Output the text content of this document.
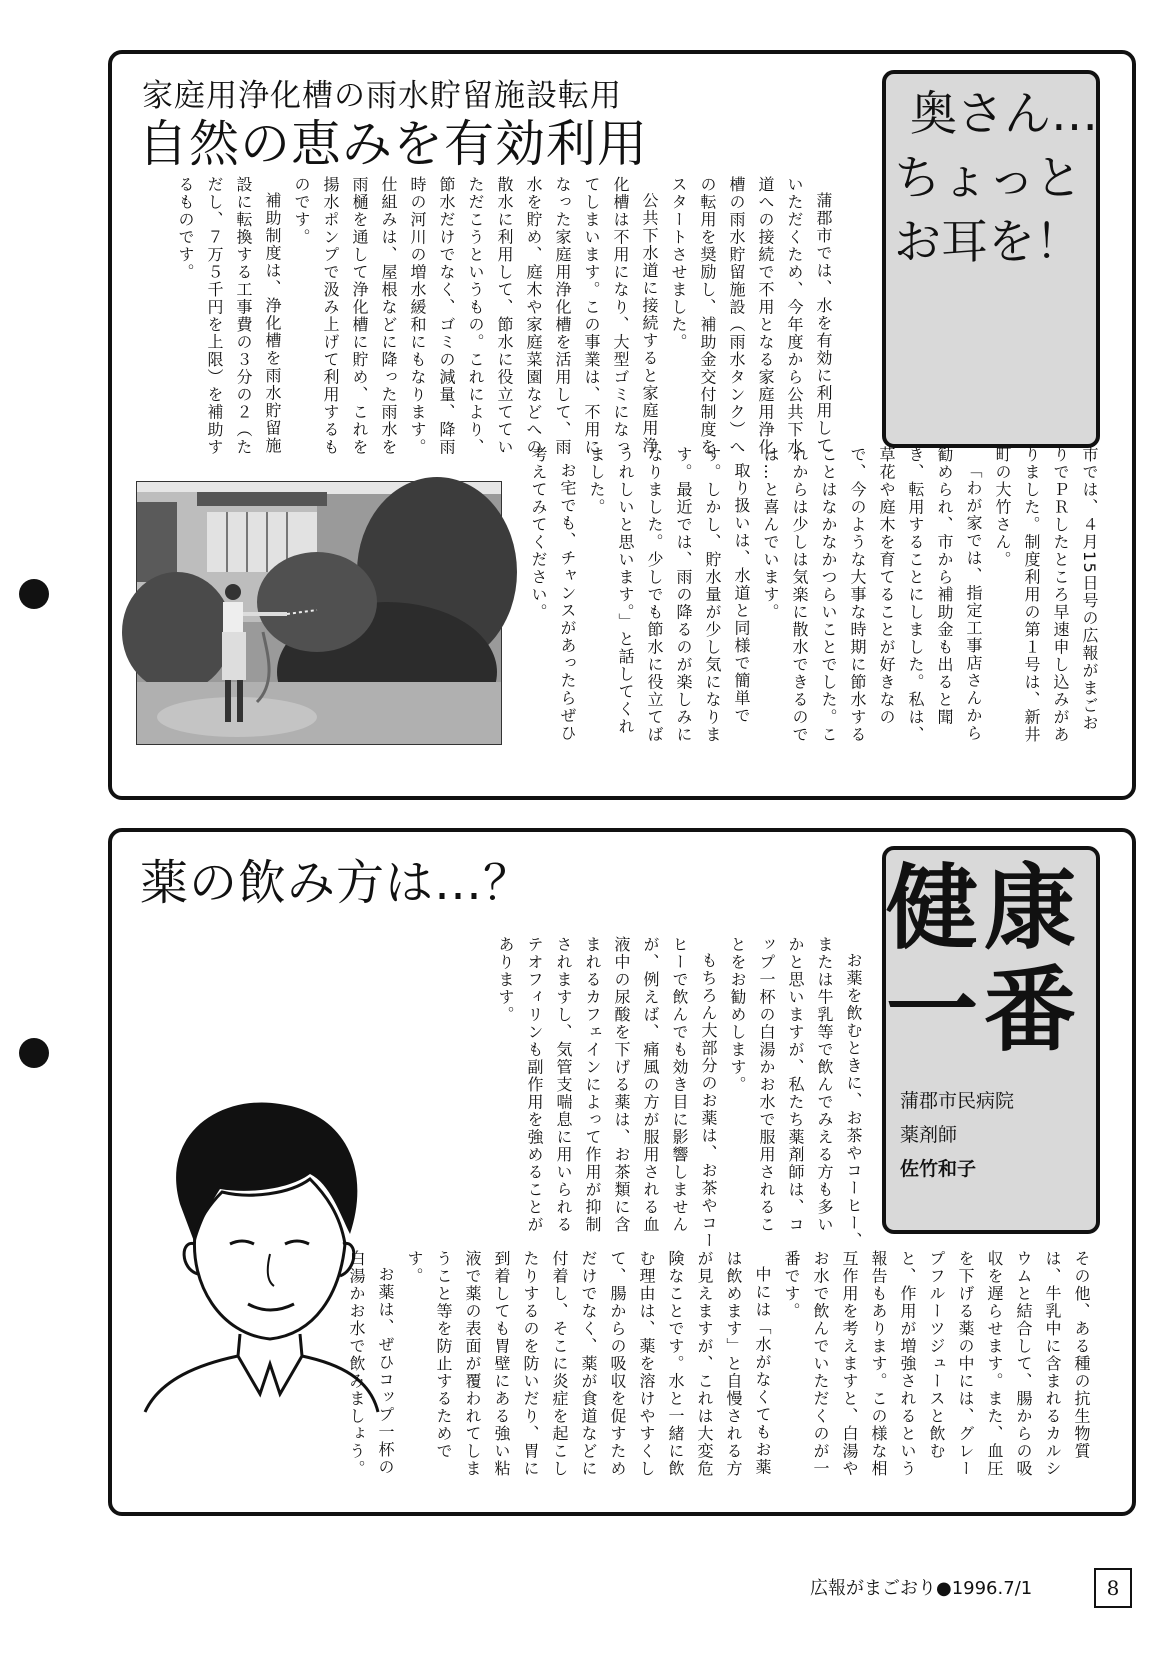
家庭用浄化槽の雨水貯留施設転用
自然の恵みを有効利用
奥さん…
ちょっと
お耳を！

蒲郡市では、水を有効に利用していただくため、今年度から公共下水道への接続で不用となる家庭用浄化槽の雨水貯留施設（雨水タンク）への転用を奨励し、補助金交付制度をスタートさせました。

公共下水道に接続すると家庭用浄化槽は不用になり、大型ゴミになってしまいます。この事業は、不用になった家庭用浄化槽を活用して、雨水を貯め、庭木や家庭菜園などへの散水に利用して、節水に役立てていただこうというもの。これにより、節水だけでなく、ゴミの減量、降雨時の河川の増水緩和にもなります。仕組みは、屋根などに降った雨水を雨樋を通して浄化槽に貯め、これを揚水ポンプで汲み上げて利用するものです。

補助制度は、浄化槽を雨水貯留施設に転換する工事費の３分の２（ただし、７万５千円を上限）を補助するものです。

市では、４月15日号の広報がまごおりでＰＲしたところ早速申し込みがありました。制度利用の第１号は、新井町の大竹さん。

「わが家では、指定工事店さんから勧められ、市から補助金も出ると聞き、転用することにしました。私は、草花や庭木を育てることが好きなので、今のような大事な時期に節水することはなかなかつらいことでした。これからは少しは気楽に散水できるのでは…と喜んでいます。

取り扱いは、水道と同様で簡単です。しかし、貯水量が少し気になります。最近では、雨の降るのが楽しみになりました。少しでも節水に役立てばうれしいと思います。」と話してくれました。

お宅でも、チャンスがあったらぜひ考えてみてください。

薬の飲み方は…？	健康
一番
蒲郡市民病院
薬剤師
佐竹和子

お薬を飲むときに、お茶やコーヒー、または牛乳等で飲んでみえる方も多いかと思いますが、私たち薬剤師は、コップ一杯の白湯かお水で服用されることをお勧めします。

もちろん大部分のお薬は、お茶やコーヒーで飲んでも効き目に影響しませんが、例えば、痛風の方が服用される血液中の尿酸を下げる薬は、お茶類に含まれるカフェインによって作用が抑制されますし、気管支喘息に用いられるテオフィリンも副作用を強めることがあります。

その他、ある種の抗生物質は、牛乳中に含まれるカルシウムと結合して、腸からの吸収を遅らせます。また、血圧を下げる薬の中には、グレープフルーツジュースと飲むと、作用が増強されるという報告もあります。この様な相互作用を考えますと、白湯やお水で飲んでいただくのが一番です。

中には「水がなくてもお薬は飲めます」と自慢される方が見えますが、これは大変危険なことです。水と一緒に飲む理由は、薬を溶けやすくして、腸からの吸収を促すためだけでなく、薬が食道などに付着し、そこに炎症を起こしたりするのを防いだり、胃に到着しても胃壁にある強い粘液で薬の表面が覆われてしまうこと等を防止するためです。

お薬は、ぜひコップ一杯の白湯かお水で飲みましょう。

広報がまごおり●1996.7/1	8
